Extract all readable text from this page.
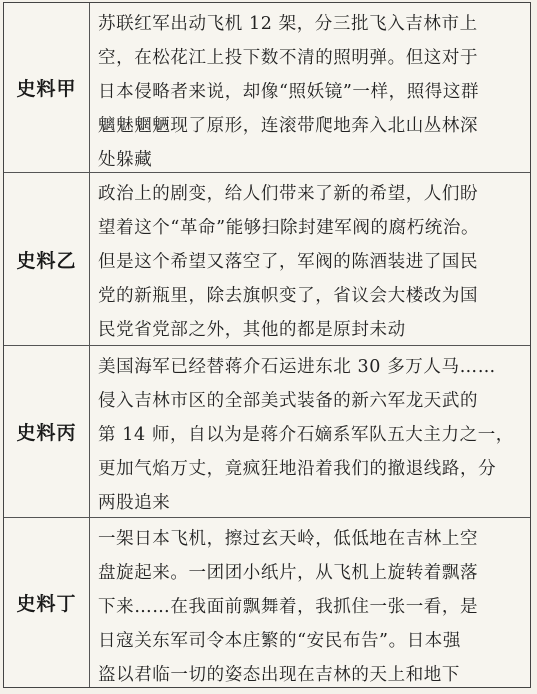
史料甲
苏联红军出动飞机 12 架，分三批飞入吉林市上
空，在松花江上投下数不清的照明弹。但这对于
日本侵略者来说，却像“照妖镜”一样，照得这群
魑魅魍魉现了原形，连滚带爬地奔入北山丛林深
处躲藏
史料乙
政治上的剧变，给人们带来了新的希望，人们盼
望着这个“革命”能够扫除封建军阀的腐朽统治。
但是这个希望又落空了，军阀的陈酒装进了国民
党的新瓶里，除去旗帜变了，省议会大楼改为国
民党省党部之外，其他的都是原封未动
史料丙
美国海军已经替蒋介石运进东北 30 多万人马……
侵入吉林市区的全部美式装备的新六军龙天武的
第 14 师，自以为是蒋介石嫡系军队五大主力之一，
更加气焰万丈，竟疯狂地沿着我们的撤退线路，分
两股追来
史料丁
一架日本飞机，擦过玄天岭，低低地在吉林上空
盘旋起来。一团团小纸片，从飞机上旋转着飘落
下来……在我面前飘舞着，我抓住一张一看，是
日寇关东军司令本庄繁的“安民布告”。日本强
盗以君临一切的姿态出现在吉林的天上和地下
